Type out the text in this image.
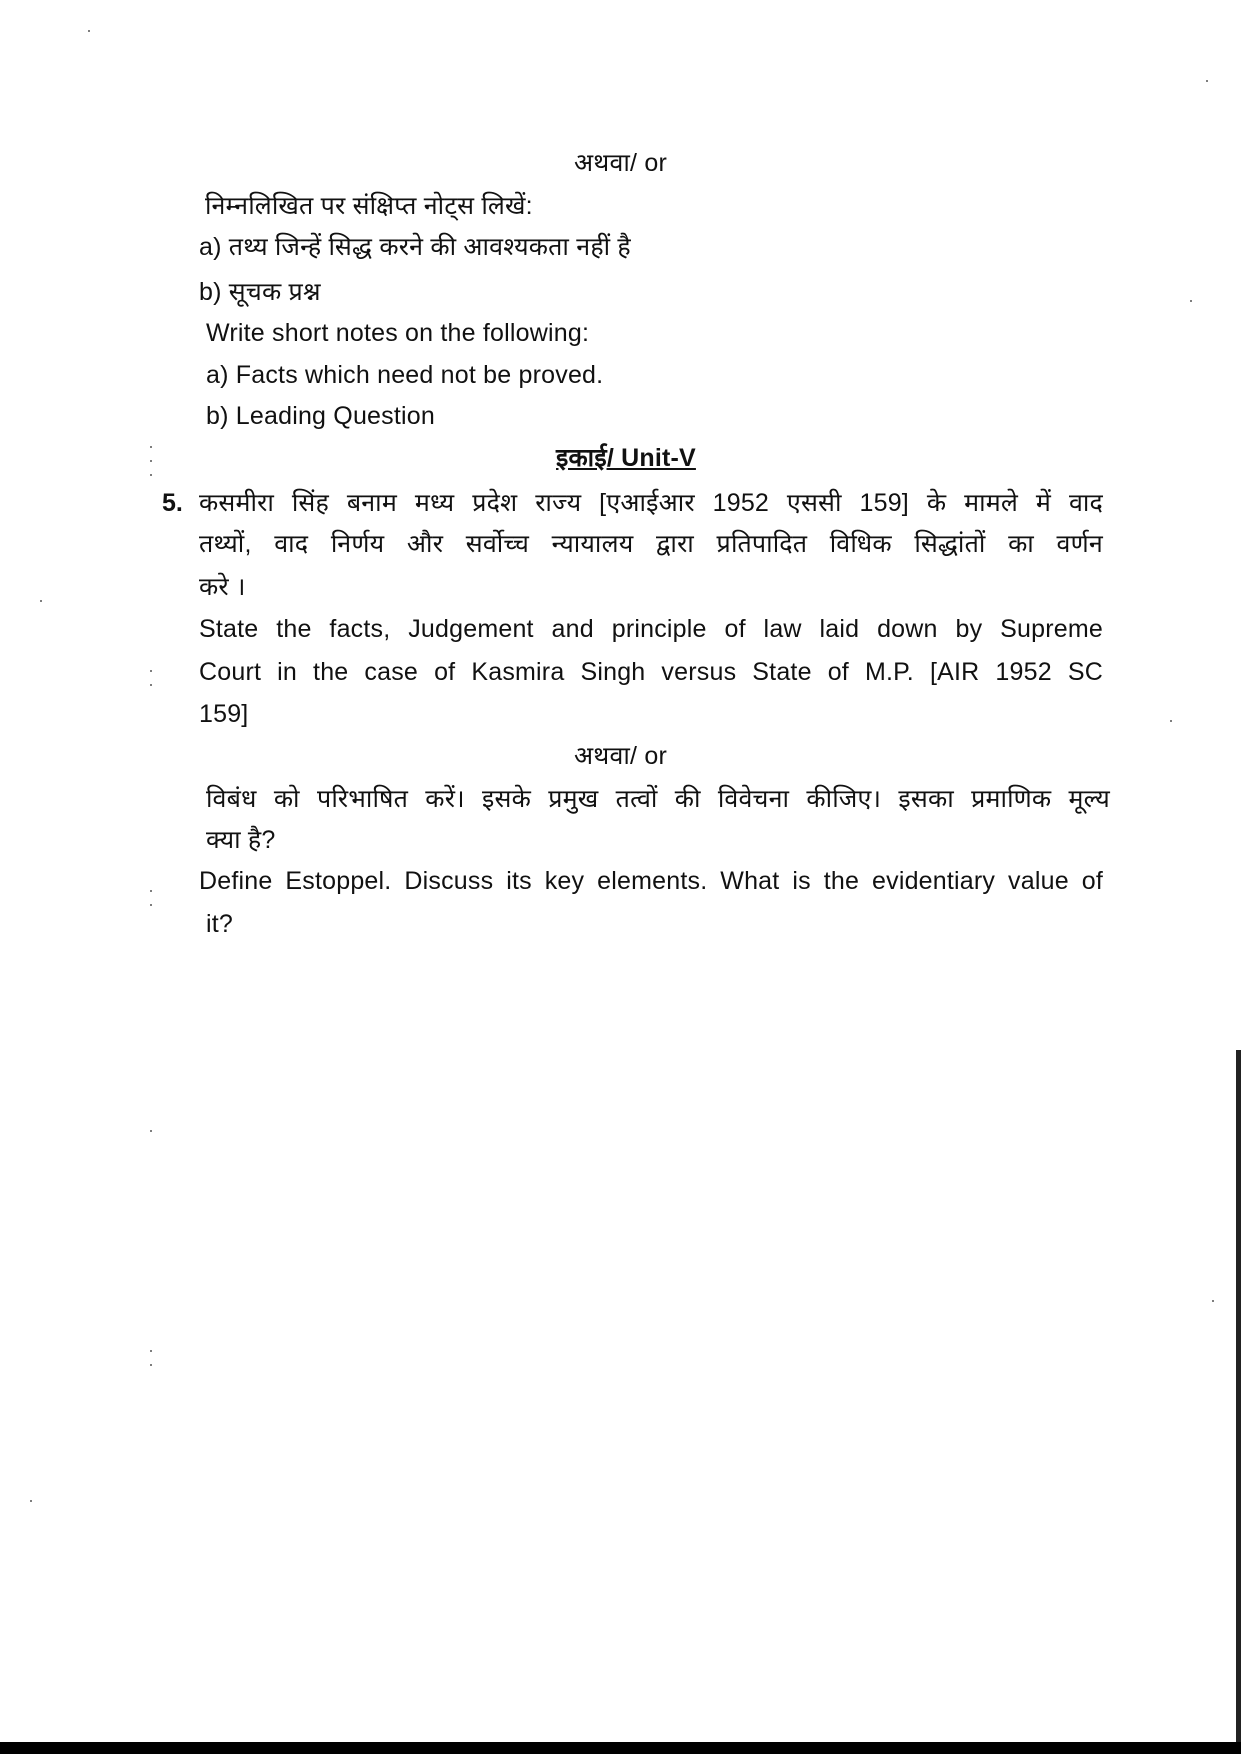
अथवा/ or
निम्नलिखित पर संक्षिप्त नोट्स लिखें:
a) तथ्य जिन्हें सिद्ध करने की आवश्यकता नहीं है
b) सूचक प्रश्न
Write short notes on the following:
a) Facts which need not be proved.
b) Leading Question
इकाई/ Unit-V
5. कसमीरा सिंह बनाम मध्य प्रदेश राज्य [एआईआर 1952 एससी 159] के मामले में वाद
तथ्यों, वाद निर्णय और सर्वोच्च न्यायालय द्वारा प्रतिपादित विधिक सिद्धांतों का वर्णन
करे ।
State the facts, Judgement and principle of law laid down by Supreme
Court in the case of Kasmira Singh versus State of M.P. [AIR 1952 SC
159]
अथवा/ or
विबंध को परिभाषित करें। इसके प्रमुख तत्वों की विवेचना कीजिए। इसका प्रमाणिक मूल्य
क्या है?
Define Estoppel. Discuss its key elements. What is the evidentiary value of
it?
